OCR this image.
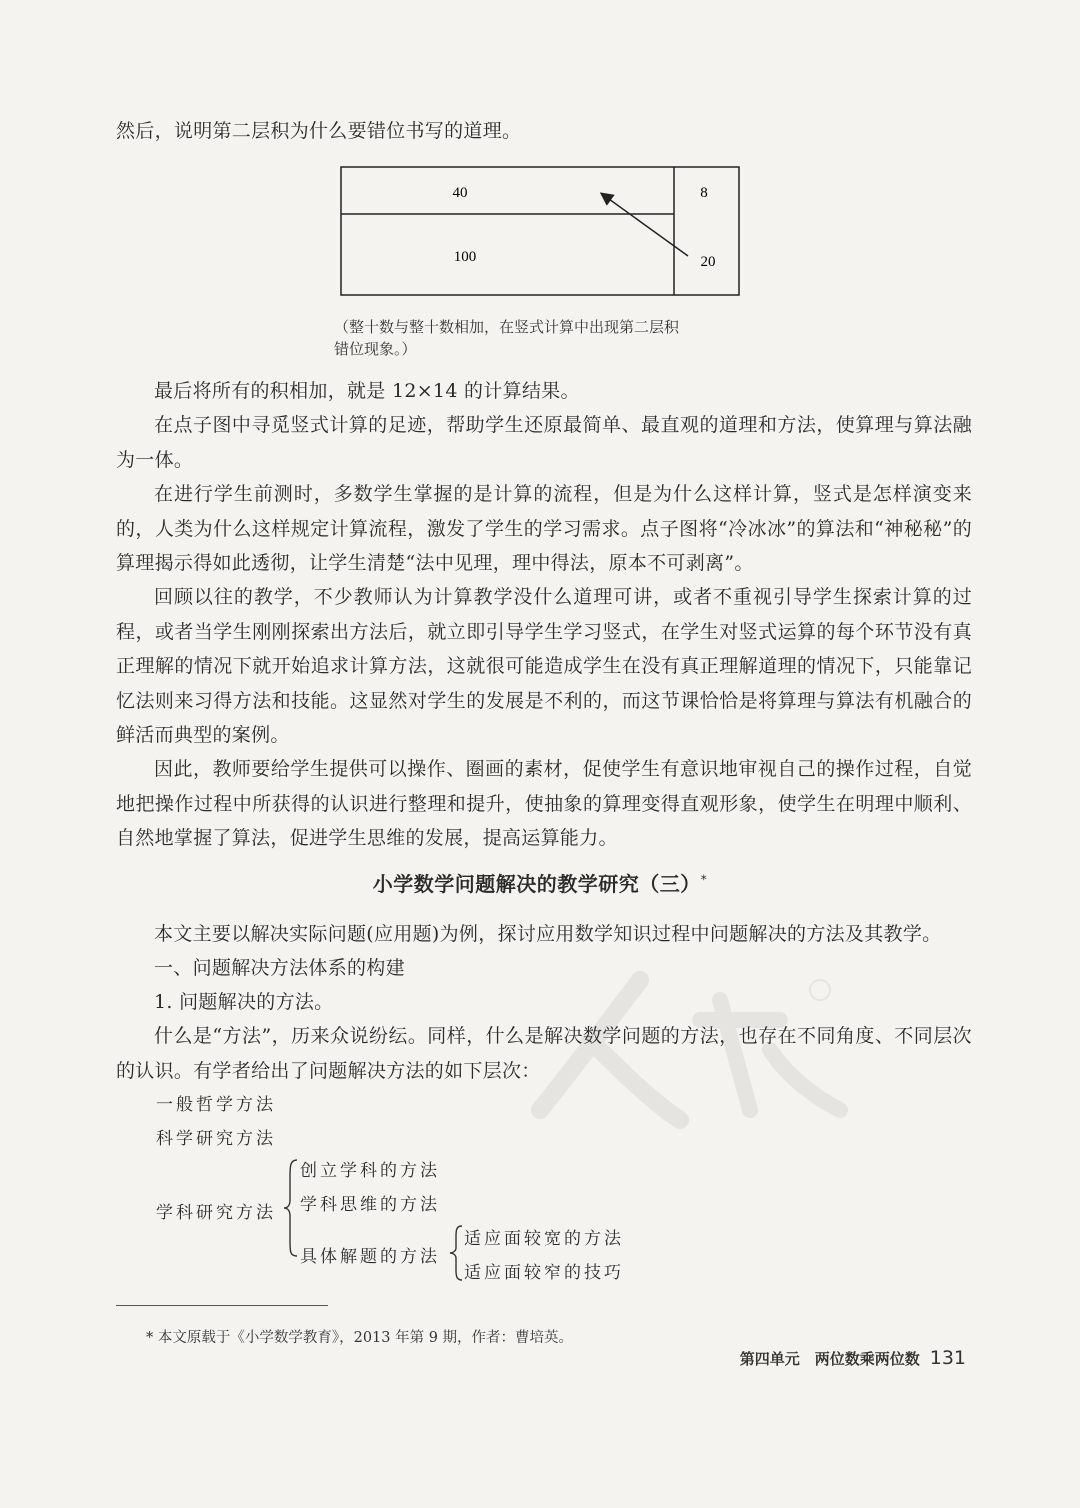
然后，说明第二层积为什么要错位书写的道理。

40	8
100	20
（整十数与整十数相加，在竖式计算中出现第二层积
错位现象。）

最后将所有的积相加，就是 12×14 的计算结果。

在点子图中寻觅竖式计算的足迹，帮助学生还原最简单、最直观的道理和方法，使算理与算法融为一体。

在进行学生前测时，多数学生掌握的是计算的流程，但是为什么这样计算，竖式是怎样演变来的，人类为什么这样规定计算流程，激发了学生的学习需求。点子图将“冷冰冰”的算法和“神秘秘”的算理揭示得如此透彻，让学生清楚“法中见理，理中得法，原本不可剥离”。

回顾以往的教学，不少教师认为计算教学没什么道理可讲，或者不重视引导学生探索计算的过程，或者当学生刚刚探索出方法后，就立即引导学生学习竖式，在学生对竖式运算的每个环节没有真正理解的情况下就开始追求计算方法，这就很可能造成学生在没有真正理解道理的情况下，只能靠记忆法则来习得方法和技能。这显然对学生的发展是不利的，而这节课恰恰是将算理与算法有机融合的鲜活而典型的案例。

因此，教师要给学生提供可以操作、圈画的素材，促使学生有意识地审视自己的操作过程，自觉地把操作过程中所获得的认识进行整理和提升，使抽象的算理变得直观形象，使学生在明理中顺利、自然地掌握了算法，促进学生思维的发展，提高运算能力。

小学数学问题解决的教学研究（三）*

本文主要以解决实际问题(应用题)为例，探讨应用数学知识过程中问题解决的方法及其教学。

一、问题解决方法体系的构建

1. 问题解决的方法。

什么是“方法”，历来众说纷纭。同样，什么是解决数学问题的方法，也存在不同角度、不同层次的认识。有学者给出了问题解决方法的如下层次：

一般哲学方法
科学研究方法
学科研究方法
创立学科的方法
学科思维的方法
具体解题的方法
适应面较宽的方法
适应面较窄的技巧
* 本文原载于《小学数学教育》，2013 年第 9 期，作者：曹培英。
第四单元　两位数乘两位数 131
